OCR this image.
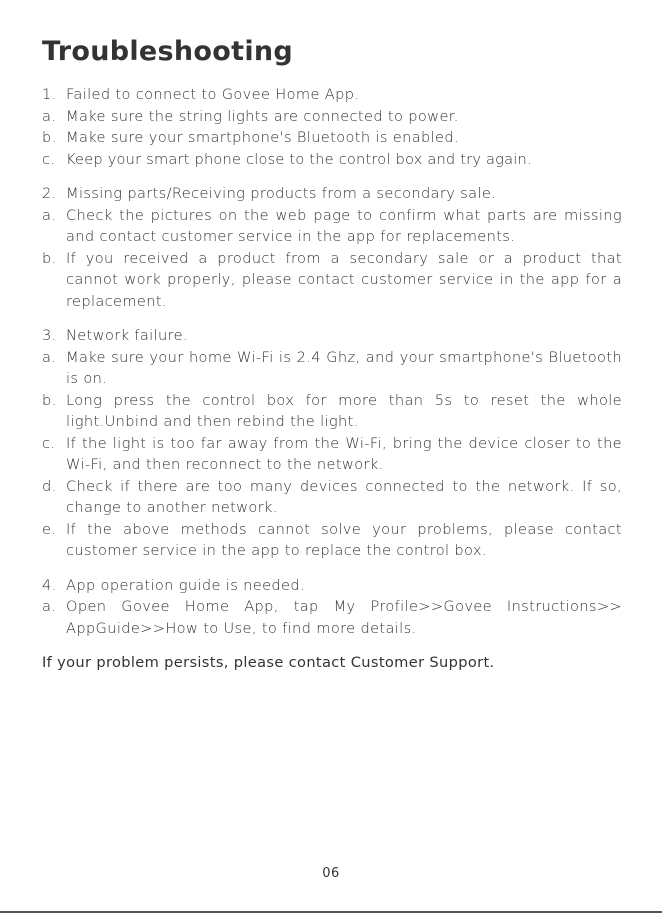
Troubleshooting
1. Failed to connect to Govee Home App.
a. Make sure the string lights are connected to power.
b. Make sure your smartphone's Bluetooth is enabled.
c. Keep your smart phone close to the control box and try again.
2. Missing parts/Receiving products from a secondary sale.
a. Check the pictures on the web page to confirm what parts are missing and contact customer service in the app for replacements.
b. If you received a product from a secondary sale or a product that cannot work properly, please contact customer service in the app for a replacement.
3. Network failure.
a. Make sure your home Wi-Fi is 2.4 Ghz, and your smartphone's Bluetooth is on.
b. Long press the control box for more than 5s to reset the whole light.Unbind and then rebind the light.
c. If the light is too far away from the Wi-Fi, bring the device closer to the Wi-Fi, and then reconnect to the network.
d. Check if there are too many devices connected to the network. If so, change to another network.
e. If the above methods cannot solve your problems, please contact customer service in the app to replace the control box.
4. App operation guide is needed.
a. Open Govee Home App, tap My Profile>>Govee Instructions>> AppGuide>>How to Use, to find more details.

If your problem persists, please contact Customer Support.

06
